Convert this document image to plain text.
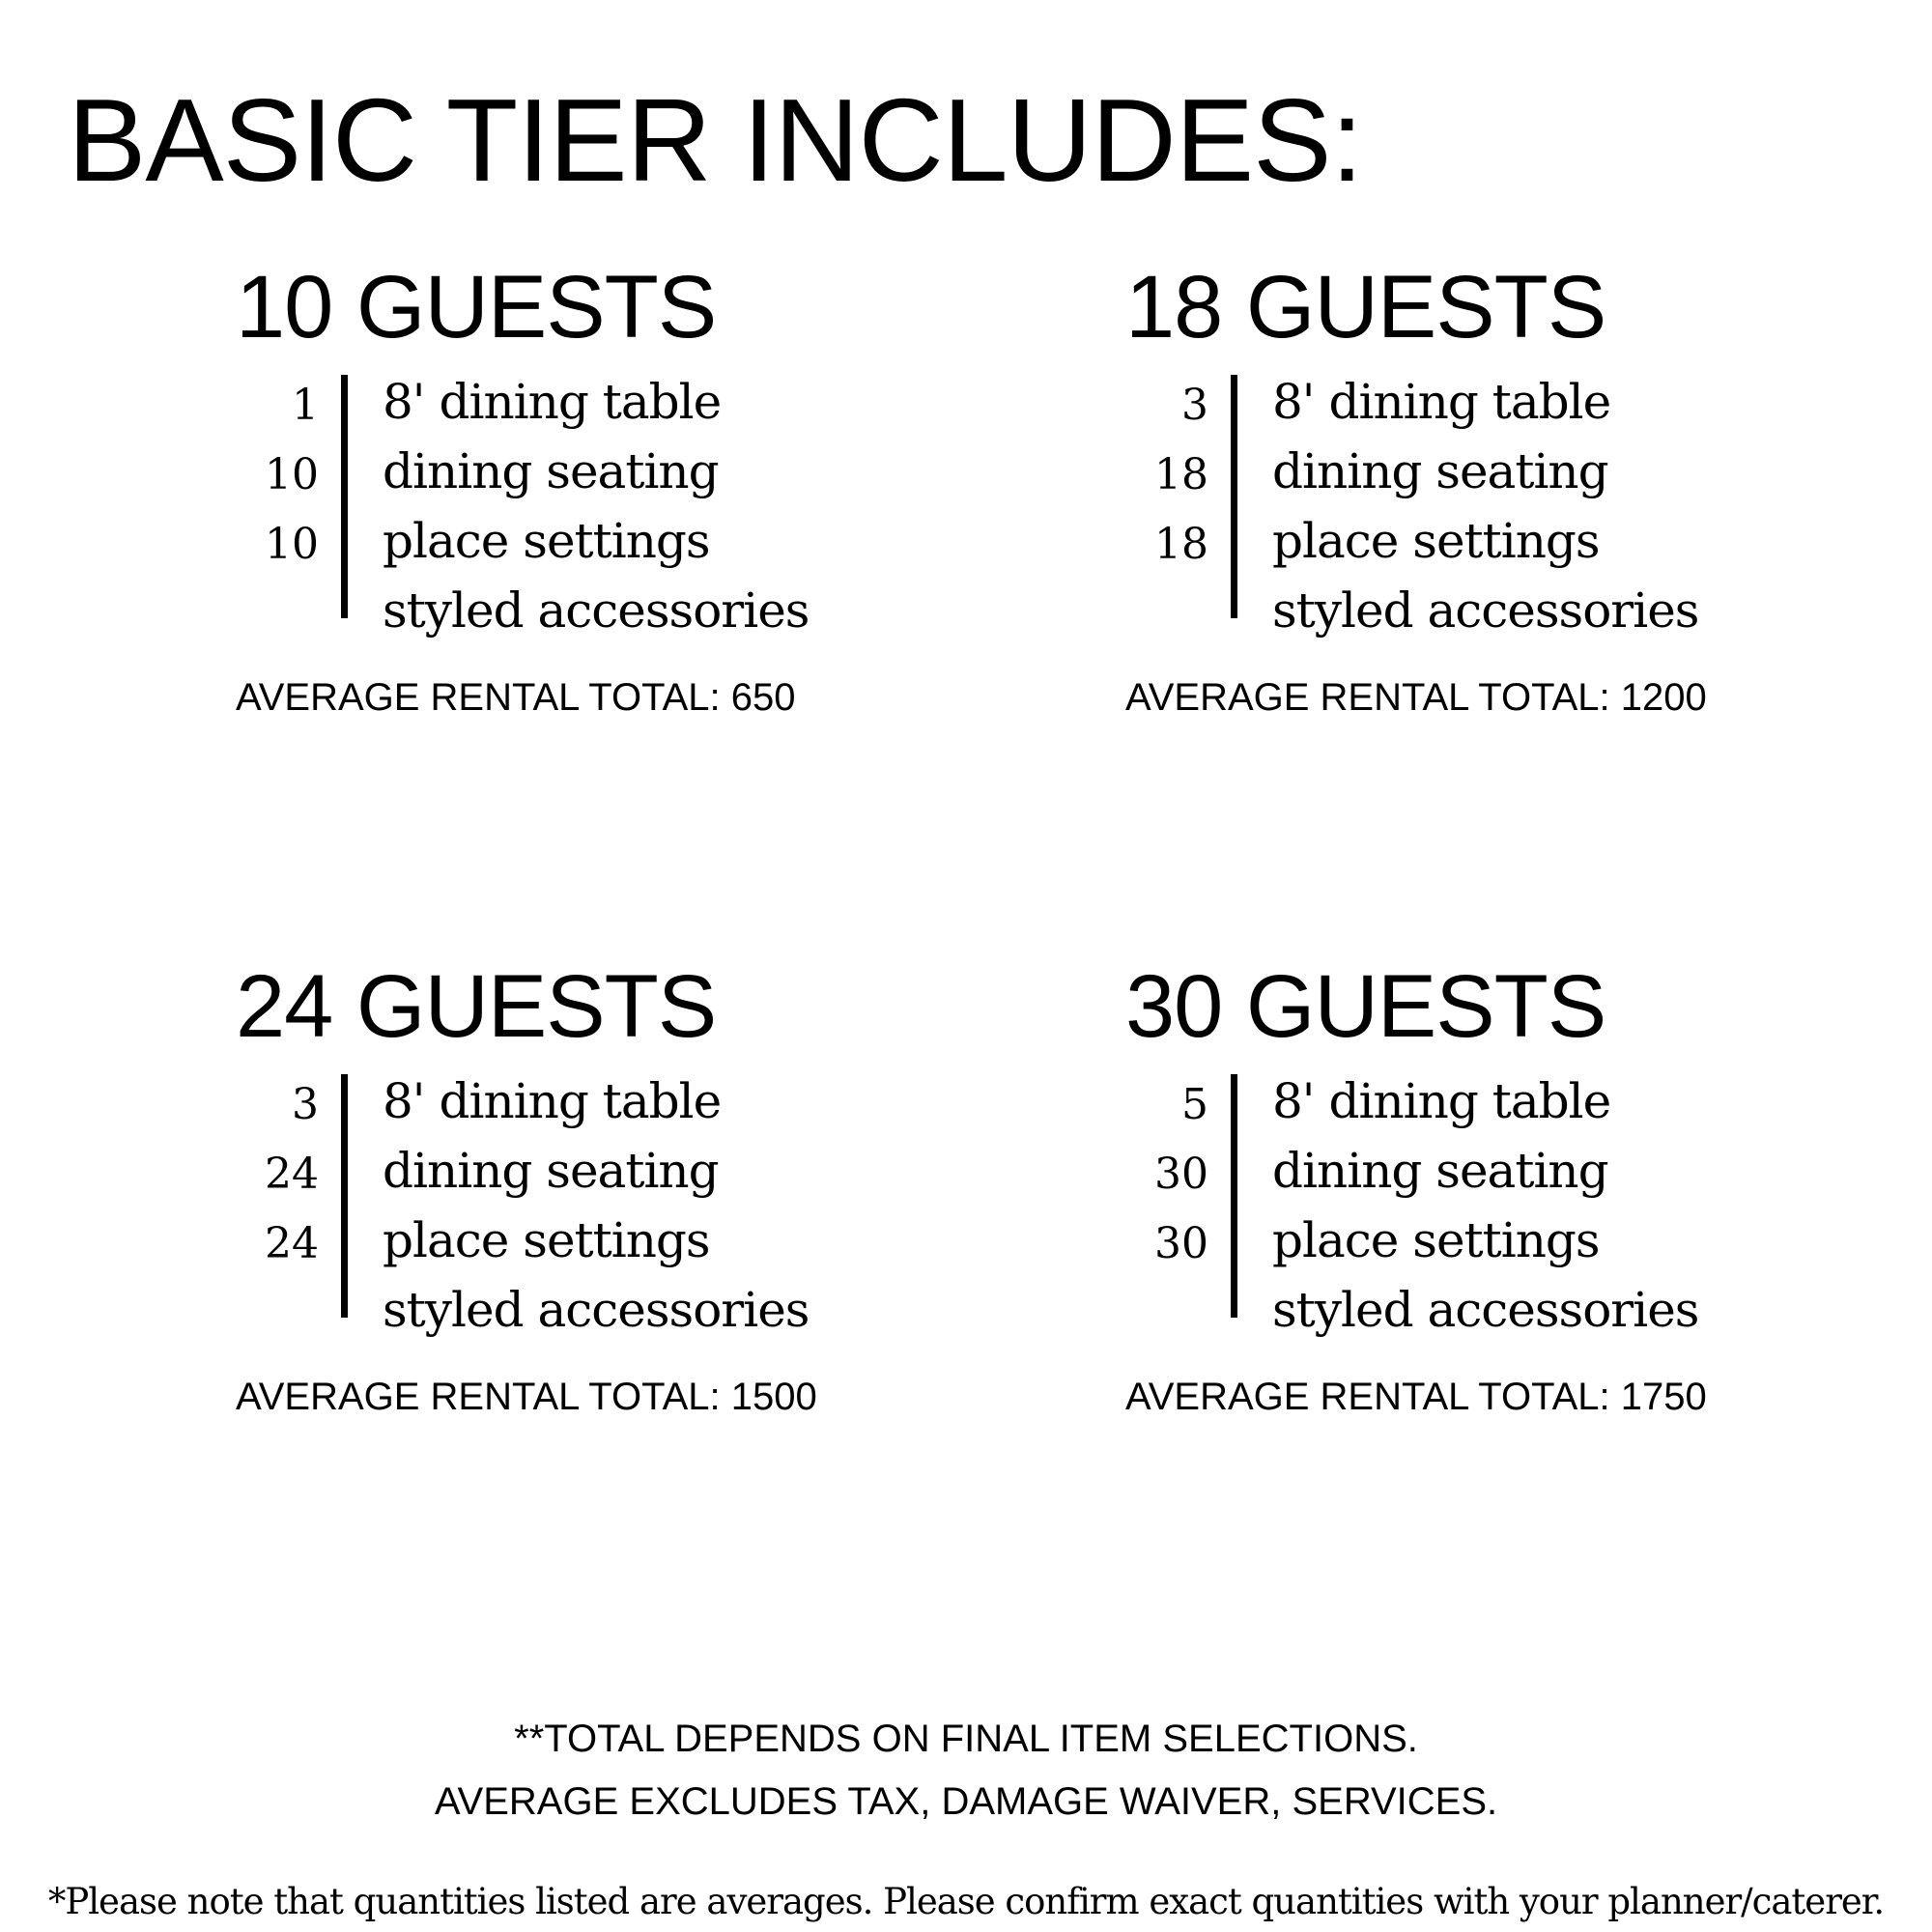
BASIC TIER INCLUDES:
10 GUESTS
1
10
10
8' dining table
dining seating
place settings
styled accessories
AVERAGE RENTAL TOTAL: 650
18 GUESTS
3
18
18
8' dining table
dining seating
place settings
styled accessories
AVERAGE RENTAL TOTAL: 1200
24 GUESTS
3
24
24
8' dining table
dining seating
place settings
styled accessories
AVERAGE RENTAL TOTAL: 1500
30 GUESTS
5
30
30
8' dining table
dining seating
place settings
styled accessories
AVERAGE RENTAL TOTAL: 1750
**TOTAL DEPENDS ON FINAL ITEM SELECTIONS.
AVERAGE EXCLUDES TAX, DAMAGE WAIVER, SERVICES.
*Please note that quantities listed are averages. Please confirm exact quantities with your planner/caterer.
